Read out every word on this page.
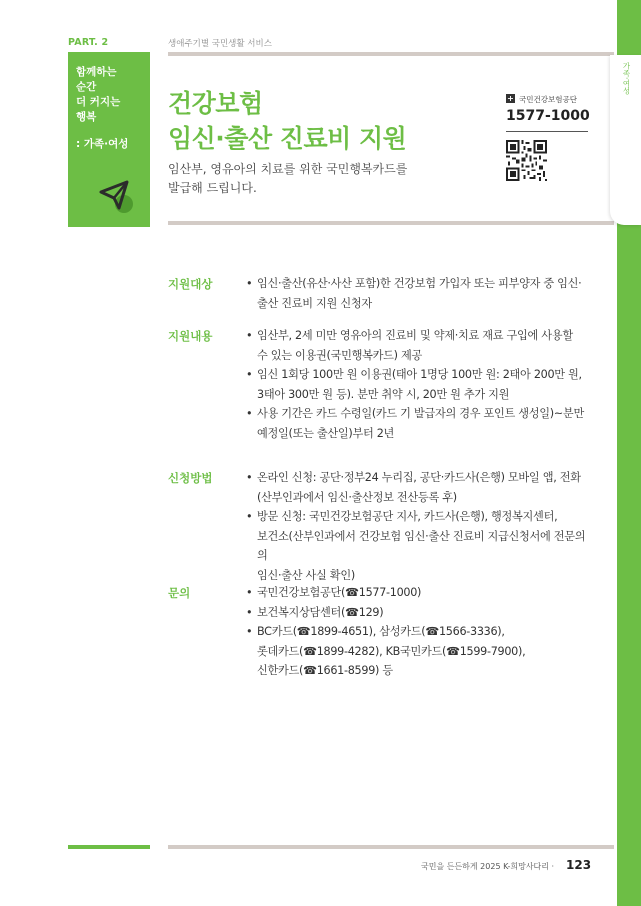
PART. 2	생애주기별 국민생활 서비스
함께하는
순간
더 커지는
행복
: 가족·여성
건강보험
임신·출산 진료비 지원
임산부, 영유아의 치료를 위한 국민행복카드를
발급해 드립니다.
+ 국민건강보험공단
1577-1000
지원대상	• 임신·출산(유산·사산 포함)한 건강보험 가입자 또는 피부양자 중 임신·
출산 진료비 지원 신청자
지원내용	• 임산부, 2세 미만 영유아의 진료비 및 약제·치료 재료 구입에 사용할
수 있는 이용권(국민행복카드) 제공
• 임신 1회당 100만 원 이용권(태아 1명당 100만 원: 2태아 200만 원,
3태아 300만 원 등). 분만 취약 시, 20만 원 추가 지원
• 사용 기간은 카드 수령일(카드 기 발급자의 경우 포인트 생성일)~분만
예정일(또는 출산일)부터 2년
신청방법	• 온라인 신청: 공단·정부24 누리집, 공단·카드사(은행) 모바일 앱, 전화
(산부인과에서 임신·출산정보 전산등록 후)
• 방문 신청: 국민건강보험공단 지사, 카드사(은행), 행정복지센터,
보건소(산부인과에서 건강보험 임신·출산 진료비 지급신청서에 전문의의
임신·출산 사실 확인)
문의	• 국민건강보험공단(☎1577-1000)
• 보건복지상담센터(☎129)
• BC카드(☎1899-4651), 삼성카드(☎1566-3336),
롯데카드(☎1899-4282), KB국민카드(☎1599-7900),
신한카드(☎1661-8599) 등
국민을 든든하게 2025 K-희망사다리 · 123
가족·여성
